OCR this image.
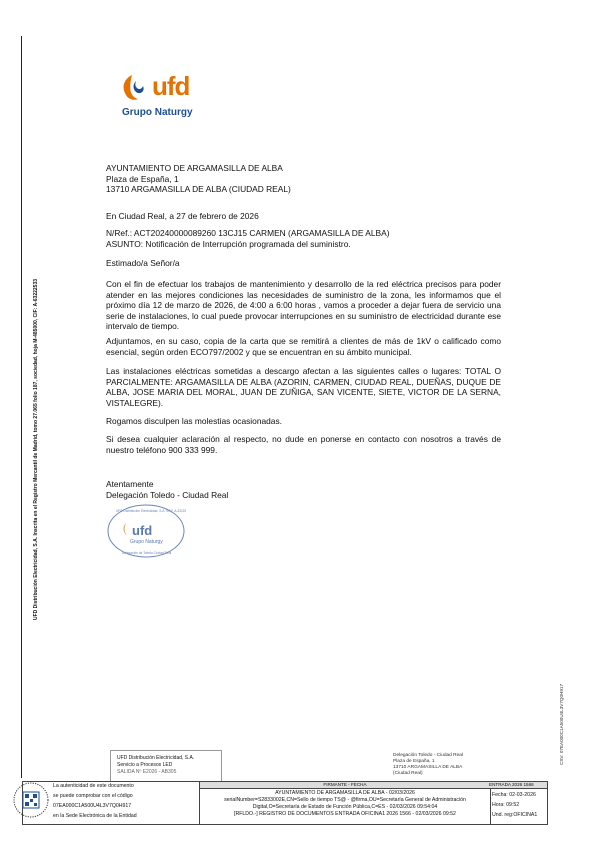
ufd
Grupo Naturgy
UFD Distribución Electricidad, S.A. Inscrita en el Registro Mercantil de Madrid, tomo 27.065 folio 187, sociedad, hoja M-485000, CIF: A-63222533
AYUNTAMIENTO DE ARGAMASILLA DE ALBA
Plaza de España, 1
13710 ARGAMASILLA DE ALBA (CIUDAD REAL)
En Ciudad Real, a 27 de febrero de 2026
N/Ref.: ACT20240000089260 13CJ15 CARMEN (ARGAMASILLA DE ALBA)
ASUNTO: Notificación de Interrupción programada del suministro.
Estimado/a Señor/a
Con el fin de efectuar los trabajos de mantenimiento y desarrollo de la red eléctrica precisos para poder atender en las mejores condiciones las necesidades de suministro de la zona, les informamos que el próximo día 12 de marzo de 2026, de 4:00 a 6:00 horas , vamos a proceder a dejar fuera de servicio una serie de instalaciones, lo cual puede provocar interrupciones en su suministro de electricidad durante ese intervalo de tiempo.
Adjuntamos, en su caso, copia de la carta que se remitirá a clientes de más de 1kV o calificado como esencial, según orden ECO797/2002 y que se encuentran en su ámbito municipal.
Las instalaciones eléctricas sometidas a descargo afectan a las siguientes calles o lugares: TOTAL O PARCIALMENTE: ARGAMASILLA DE ALBA (AZORIN, CARMEN, CIUDAD REAL, DUEÑAS, DUQUE DE ALBA, JOSE MARIA DEL MORAL, JUAN DE ZUÑIGA, SAN VICENTE, SIETE, VICTOR DE LA SERNA, VISTALEGRE).
Rogamos disculpen las molestias ocasionadas.
Si desea cualquier aclaración al respecto, no dude en ponerse en contacto con nosotros a través de nuestro teléfono 900 333 999.
Atentamente
Delegación Toledo - Ciudad Real
ufd
Grupo Naturgy
UFD Distribución Electricidad, S.A. N.I.F. A-63222533
Delegación de Toledo-Ciudad Real
CSV: 07EA000C1A500U4L3V7Q0H917
UFD Distribución Electricidad, S.A.
Servicio a Procesos LED
SALIDA Nº E2026 - AB305
Delegación Toledo - Ciudad Real
Plaza de España, 1
13710 ARGAMASILLA DE ALBA
(Ciudad Real)
La autenticidad de este documento
se puede comprobar con el código
07EA000C1A500U4L3V7Q0H917
en la Sede Electrónica de la Entidad
FIRMANTE - FECHA
AYUNTAMIENTO DE ARGAMASILLA DE ALBA - 02/03/2026
serialNumber=S2833002E,CN=Sello de tiempo TS@ - @firma,OU=Secretaría General de Administración
Digital,O=Secretaría de Estado de Función Pública,C=ES - 02/03/2026 09:54:04
[RFLDO.-] REGISTRO DE DOCUMENTOS ENTRADA OFICINA1 2026 1566 - 02/03/2026 09:52
ENTRADA 2026 1566
Fecha: 02-03-2026
Hora: 09:52
Und. reg:OFICINA1
